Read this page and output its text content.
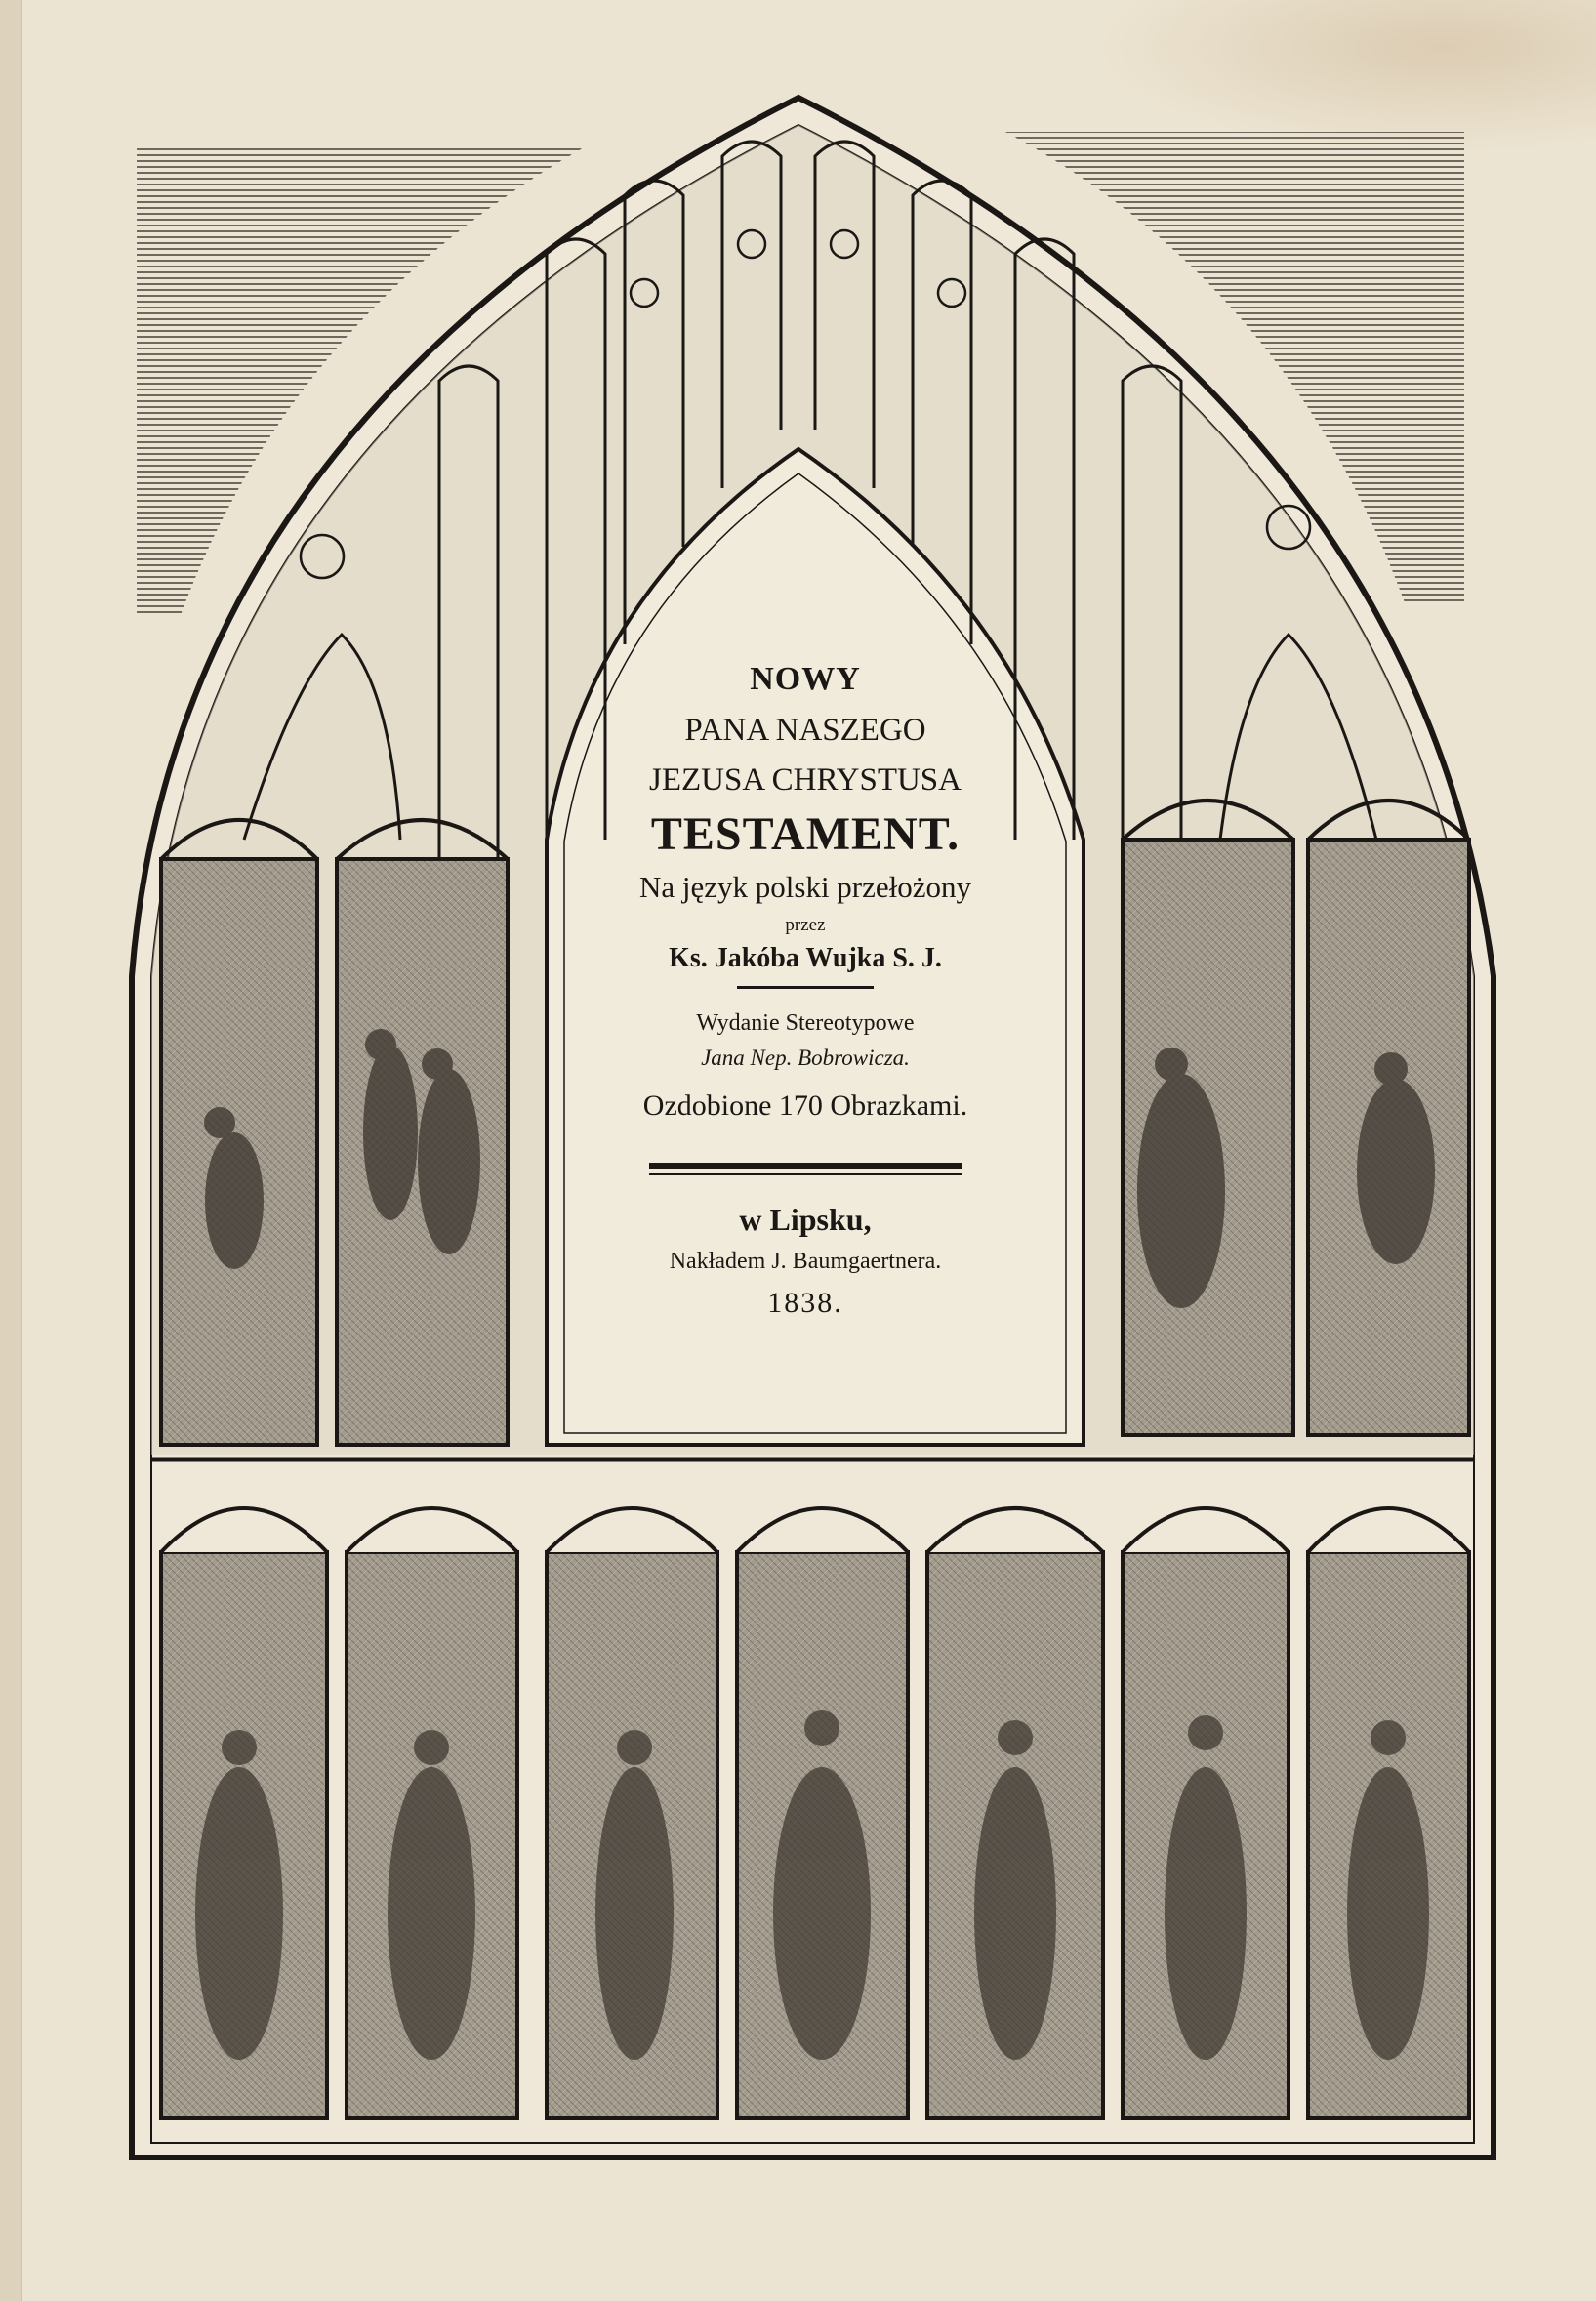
NOWY
PANA NASZEGO
JEZUSA CHRYSTUSA
TESTAMENT.
Na język polski przełożony
przez
Ks. Jakóba Wujka S. J.
Wydanie Stereotypowe
Jana Nep. Bobrowicza.
Ozdobione 170 Obrazkami.
w Lipsku,
Nakładem J. Baumgaertnera.
1838.
